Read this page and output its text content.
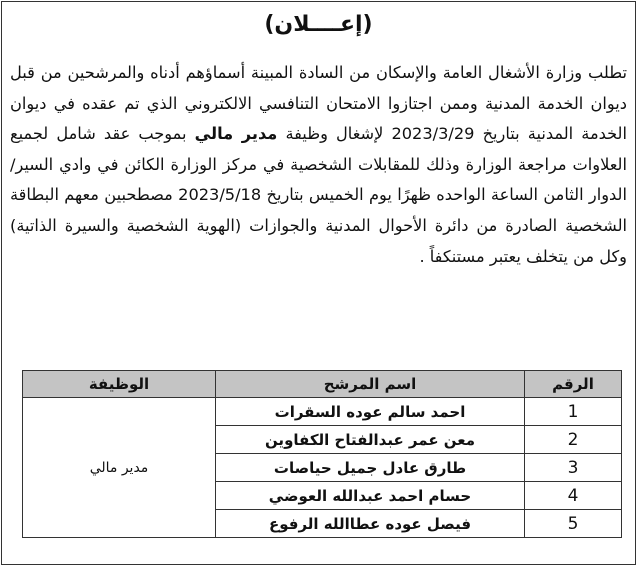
(إعــــلان)
تطلب وزارة الأشغال العامة والإسكان من السادة المبينة أسماؤهم أدناه والمرشحين من قبل ديوان الخدمة المدنية وممن اجتازوا الامتحان التنافسي الالكتروني الذي تم عقده في ديوان الخدمة المدنية بتاريخ 2023/3/29 لإشغال وظيفة مدير مالي بموجب عقد شامل لجميع العلاوات مراجعة الوزارة وذلك للمقابلات الشخصية في مركز الوزارة الكائن في وادي السير/ الدوار الثامن الساعة الواحده ظهرًا يوم الخميس بتاريخ 2023/5/18 مصطحبين معهم البطاقة الشخصية الصادرة من دائرة الأحوال المدنية والجوازات (الهوية الشخصية والسيرة الذاتية) وكل من يتخلف يعتبر مستنكفاً .
الرقم	اسم المرشح	الوظيفة
1	احمد سالم عوده السقرات	مدير مالي
2	معن عمر عبدالفتاح الكفاوين	
3	طارق عادل جميل حياصات	
4	حسام احمد عبدالله العوضي	
5	فيصل عوده عطاالله الرفوع	
